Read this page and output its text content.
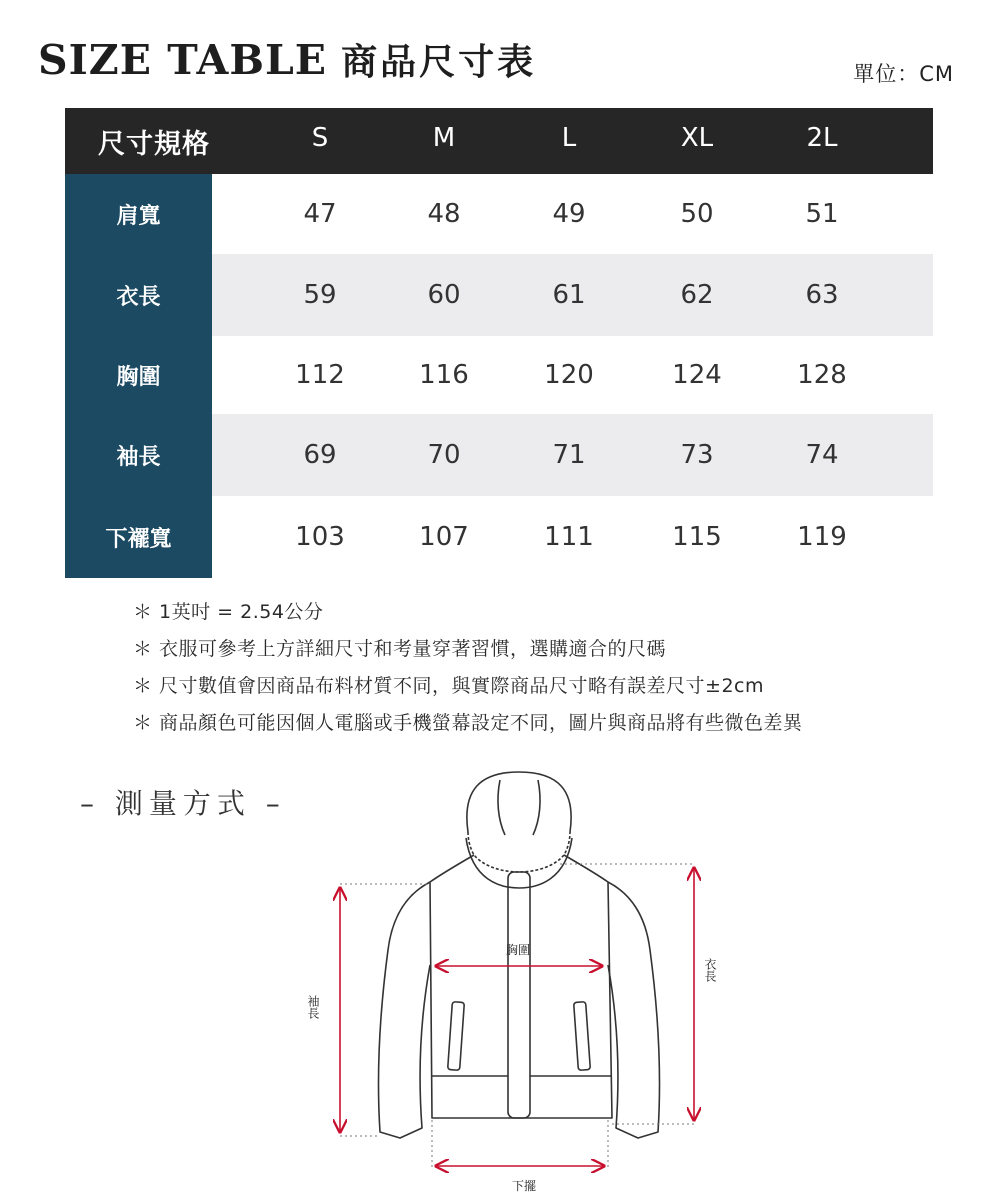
SIZE TABLE 商品尺寸表	單位：CM
尺寸規格	S	M	L	XL	2L
肩寬	47	48	49	50	51
衣長	59	60	61	62	63
胸圍	112	116	120	124	128
袖長	69	70	71	73	74
下襬寬	103	107	111	115	119
＊ 1英吋 = 2.54公分
＊ 衣服可參考上方詳細尺寸和考量穿著習慣，選購適合的尺碼
＊ 尺寸數值會因商品布料材質不同，與實際商品尺寸略有誤差尺寸±2cm
＊ 商品顏色可能因個人電腦或手機螢幕設定不同，圖片與商品將有些微色差異
– 測量方式 –
胸圍
下擺
袖長
衣長
